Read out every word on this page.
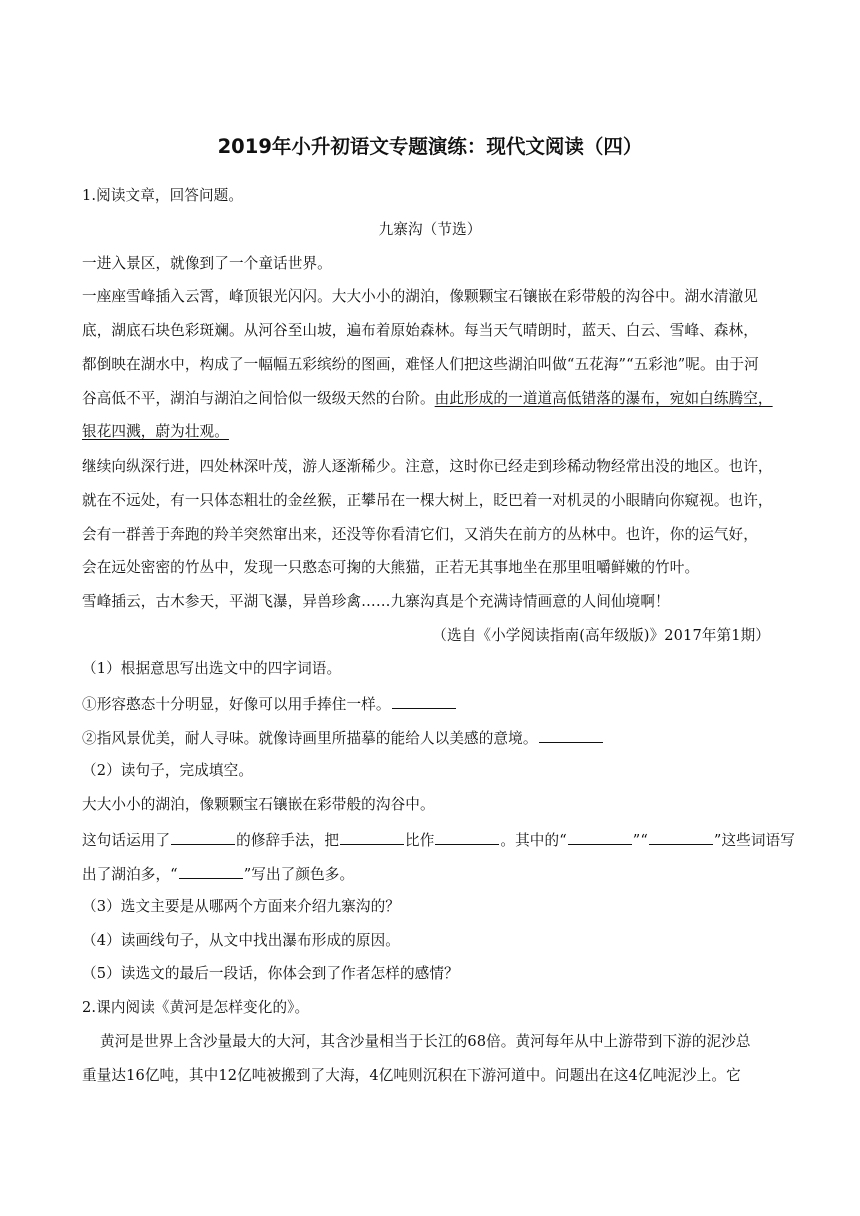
2019年小升初语文专题演练：现代文阅读（四）
1.阅读文章，回答问题。
九寨沟（节选）
一进入景区，就像到了一个童话世界。
一座座雪峰插入云霄，峰顶银光闪闪。大大小小的湖泊，像颗颗宝石镶嵌在彩带般的沟谷中。湖水清澈见
底，湖底石块色彩斑斓。从河谷至山坡，遍布着原始森林。每当天气晴朗时，蓝天、白云、雪峰、森林，
都倒映在湖水中，构成了一幅幅五彩缤纷的图画，难怪人们把这些湖泊叫做“五花海”“五彩池”呢。由于河
谷高低不平，湖泊与湖泊之间恰似一级级天然的台阶。由此形成的一道道高低错落的瀑布，宛如白练腾空，
银花四溅，蔚为壮观。
继续向纵深行进，四处林深叶茂，游人逐渐稀少。注意，这时你已经走到珍稀动物经常出没的地区。也许，
就在不远处，有一只体态粗壮的金丝猴，正攀吊在一棵大树上，眨巴着一对机灵的小眼睛向你窥视。也许，
会有一群善于奔跑的羚羊突然窜出来，还没等你看清它们，又消失在前方的丛林中。也许，你的运气好，
会在远处密密的竹丛中，发现一只憨态可掬的大熊猫，正若无其事地坐在那里咀嚼鲜嫩的竹叶。
雪峰插云，古木参天，平湖飞瀑，异兽珍禽……九寨沟真是个充满诗情画意的人间仙境啊！
（选自《小学阅读指南(高年级版)》2017年第1期）
（1）根据意思写出选文中的四字词语。
①形容憨态十分明显，好像可以用手捧住一样。
②指风景优美，耐人寻味。就像诗画里所描摹的能给人以美感的意境。
（2）读句子，完成填空。
大大小小的湖泊，像颗颗宝石镶嵌在彩带般的沟谷中。
这句话运用了	的修辞手法，把	比作	。其中的“	”“	”这些词语写
出了湖泊多，“	”写出了颜色多。
（3）选文主要是从哪两个方面来介绍九寨沟的？
（4）读画线句子，从文中找出瀑布形成的原因。
（5）读选文的最后一段话，你体会到了作者怎样的感情？
2.课内阅读《黄河是怎样变化的》。
黄河是世界上含沙量最大的大河，其含沙量相当于长江的68倍。黄河每年从中上游带到下游的泥沙总
重量达16亿吨，其中12亿吨被搬到了大海，4亿吨则沉积在下游河道中。问题出在这4亿吨泥沙上。它
